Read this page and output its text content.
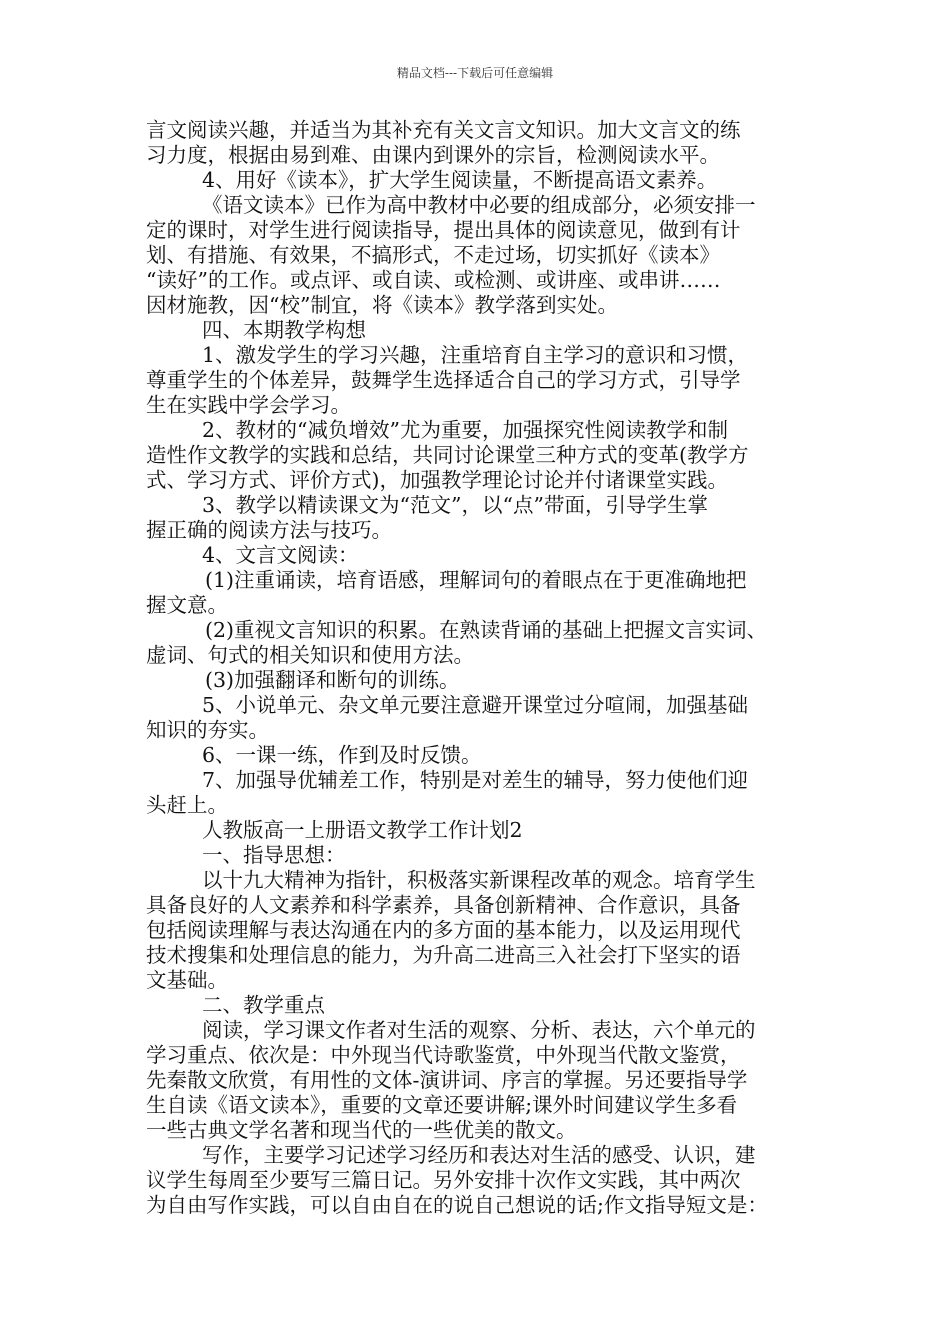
精品文档---下载后可任意编辑
言文阅读兴趣，并适当为其补充有关文言文知识。加大文言文的练
习力度，根据由易到难、由课内到课外的宗旨，检测阅读水平。
4、用好《读本》，扩大学生阅读量，不断提高语文素养。
《语文读本》已作为高中教材中必要的组成部分，必须安排一
定的课时，对学生进行阅读指导，提出具体的阅读意见，做到有计
划、有措施、有效果，不搞形式，不走过场，切实抓好《读本》
“读好”的工作。或点评、或自读、或检测、或讲座、或串讲……
因材施教，因“校”制宜，将《读本》教学落到实处。
四、本期教学构想
1、激发学生的学习兴趣，注重培育自主学习的意识和习惯，
尊重学生的个体差异，鼓舞学生选择适合自己的学习方式，引导学
生在实践中学会学习。
2、教材的“减负增效”尤为重要，加强探究性阅读教学和制
造性作文教学的实践和总结，共同讨论课堂三种方式的变革(教学方
式、学习方式、评价方式)，加强教学理论讨论并付诸课堂实践。
3、教学以精读课文为“范文”，以“点”带面，引导学生掌
握正确的阅读方法与技巧。
4、文言文阅读：
(1)注重诵读，培育语感，理解词句的着眼点在于更准确地把
握文意。
(2)重视文言知识的积累。在熟读背诵的基础上把握文言实词、
虚词、句式的相关知识和使用方法。
(3)加强翻译和断句的训练。
5、小说单元、杂文单元要注意避开课堂过分喧闹，加强基础
知识的夯实。
6、一课一练，作到及时反馈。
7、加强导优辅差工作，特别是对差生的辅导，努力使他们迎
头赶上。
人教版高一上册语文教学工作计划2
一、指导思想：
以十九大精神为指针，积极落实新课程改革的观念。培育学生
具备良好的人文素养和科学素养，具备创新精神、合作意识，具备
包括阅读理解与表达沟通在内的多方面的基本能力，以及运用现代
技术搜集和处理信息的能力，为升高二进高三入社会打下坚实的语
文基础。
二、教学重点
阅读，学习课文作者对生活的观察、分析、表达，六个单元的
学习重点、依次是：中外现当代诗歌鉴赏，中外现当代散文鉴赏，
先秦散文欣赏，有用性的文体-演讲词、序言的掌握。另还要指导学
生自读《语文读本》，重要的文章还要讲解;课外时间建议学生多看
一些古典文学名著和现当代的一些优美的散文。
写作，主要学习记述学习经历和表达对生活的感受、认识，建
议学生每周至少要写三篇日记。另外安排十次作文实践，其中两次
为自由写作实践，可以自由自在的说自己想说的话;作文指导短文是：
